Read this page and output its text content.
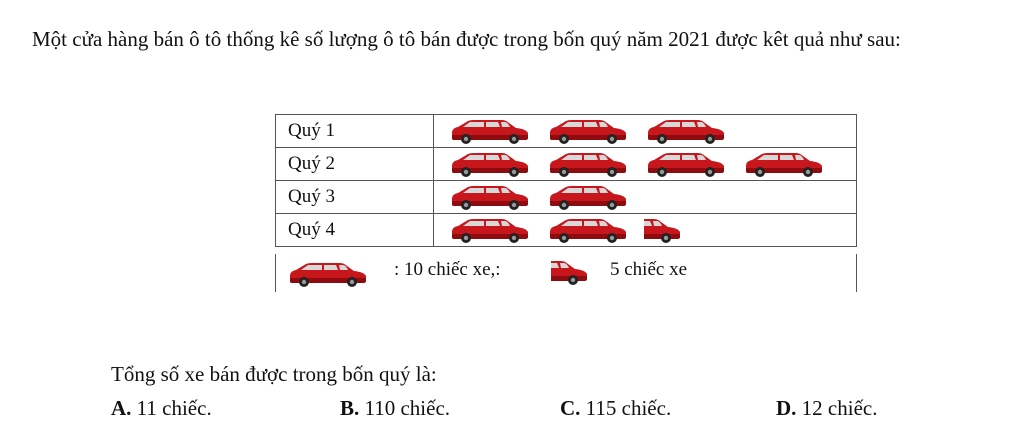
Một cửa hàng bán ô tô thống kê số lượng ô tô bán được trong bốn quý năm 2021 được kêt quả như sau:
Quý 1	

Quý 2	

Quý 3	

Quý 4	
: 10 chiếc xe,:	5 chiếc xe
Tổng số xe bán được trong bốn quý là:
A. 11 chiếc.	B. 110 chiếc.	C. 115 chiếc.	D. 12 chiếc.
